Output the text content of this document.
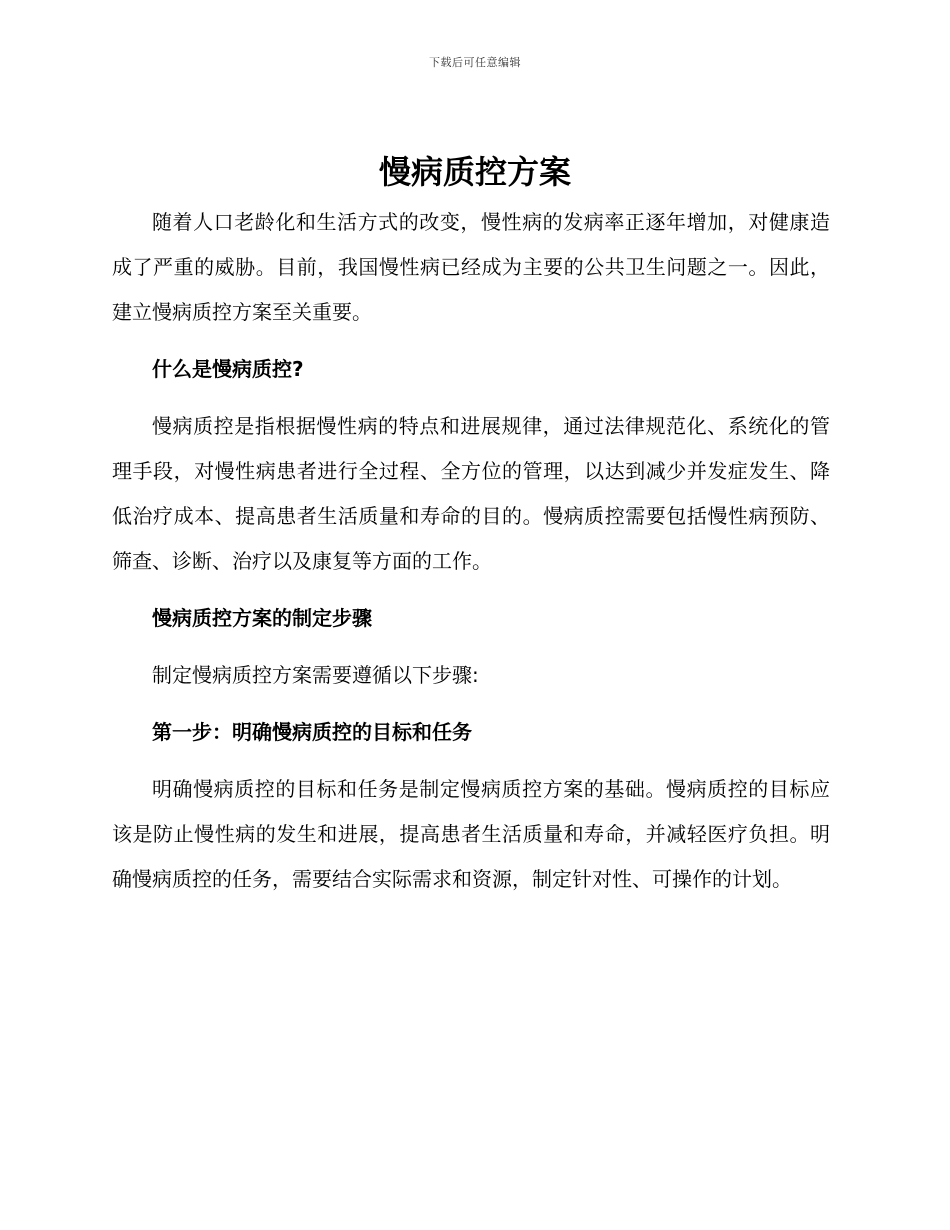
下载后可任意编辑
慢病质控方案

随着人口老龄化和生活方式的改变，慢性病的发病率正逐年增加，对健康造成了严重的威胁。目前，我国慢性病已经成为主要的公共卫生问题之一。因此，建立慢病质控方案至关重要。

什么是慢病质控?

慢病质控是指根据慢性病的特点和进展规律，通过法律规范化、系统化的管理手段，对慢性病患者进行全过程、全方位的管理，以达到减少并发症发生、降低治疗成本、提高患者生活质量和寿命的目的。慢病质控需要包括慢性病预防、筛查、诊断、治疗以及康复等方面的工作。

慢病质控方案的制定步骤

制定慢病质控方案需要遵循以下步骤:

第一步：明确慢病质控的目标和任务

明确慢病质控的目标和任务是制定慢病质控方案的基础。慢病质控的目标应该是防止慢性病的发生和进展，提高患者生活质量和寿命，并减轻医疗负担。明确慢病质控的任务，需要结合实际需求和资源，制定针对性、可操作的计划。
